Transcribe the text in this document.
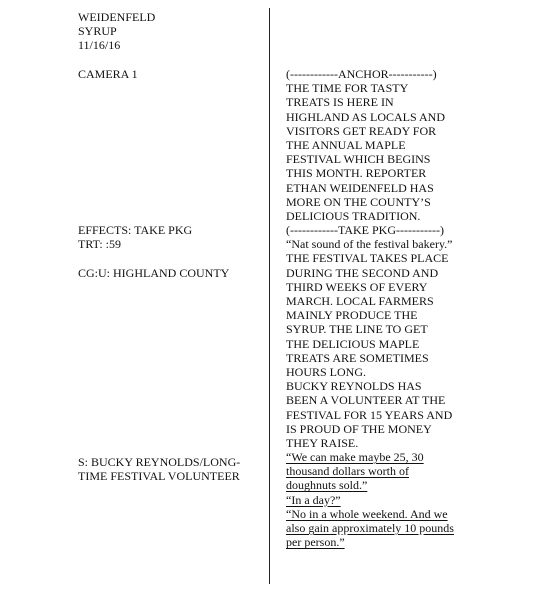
WEIDENFELD
SYRUP
11/16/16
CAMERA 1
EFFECTS: TAKE PKG
TRT: :59
CG:U: HIGHLAND COUNTY
S: BUCKY REYNOLDS/LONG-
TIME FESTIVAL VOLUNTEER
(------------ANCHOR-----------)
THE TIME FOR TASTY
TREATS IS HERE IN
HIGHLAND AS LOCALS AND
VISITORS GET READY FOR
THE ANNUAL MAPLE
FESTIVAL WHICH BEGINS
THIS MONTH. REPORTER
ETHAN WEIDENFELD HAS
MORE ON THE COUNTY’S
DELICIOUS TRADITION.
(------------TAKE PKG-----------)
“Nat sound of the festival bakery.”
THE FESTIVAL TAKES PLACE
DURING THE SECOND AND
THIRD WEEKS OF EVERY
MARCH. LOCAL FARMERS
MAINLY PRODUCE THE
SYRUP. THE LINE TO GET
THE DELICIOUS MAPLE
TREATS ARE SOMETIMES
HOURS LONG.
BUCKY REYNOLDS HAS
BEEN A VOLUNTEER AT THE
FESTIVAL FOR 15 YEARS AND
IS PROUD OF THE MONEY
THEY RAISE.
“We can make maybe 25, 30
thousand dollars worth of
doughnuts sold.”
“In a day?”
“No in a whole weekend. And we
also gain approximately 10 pounds
per person.”
